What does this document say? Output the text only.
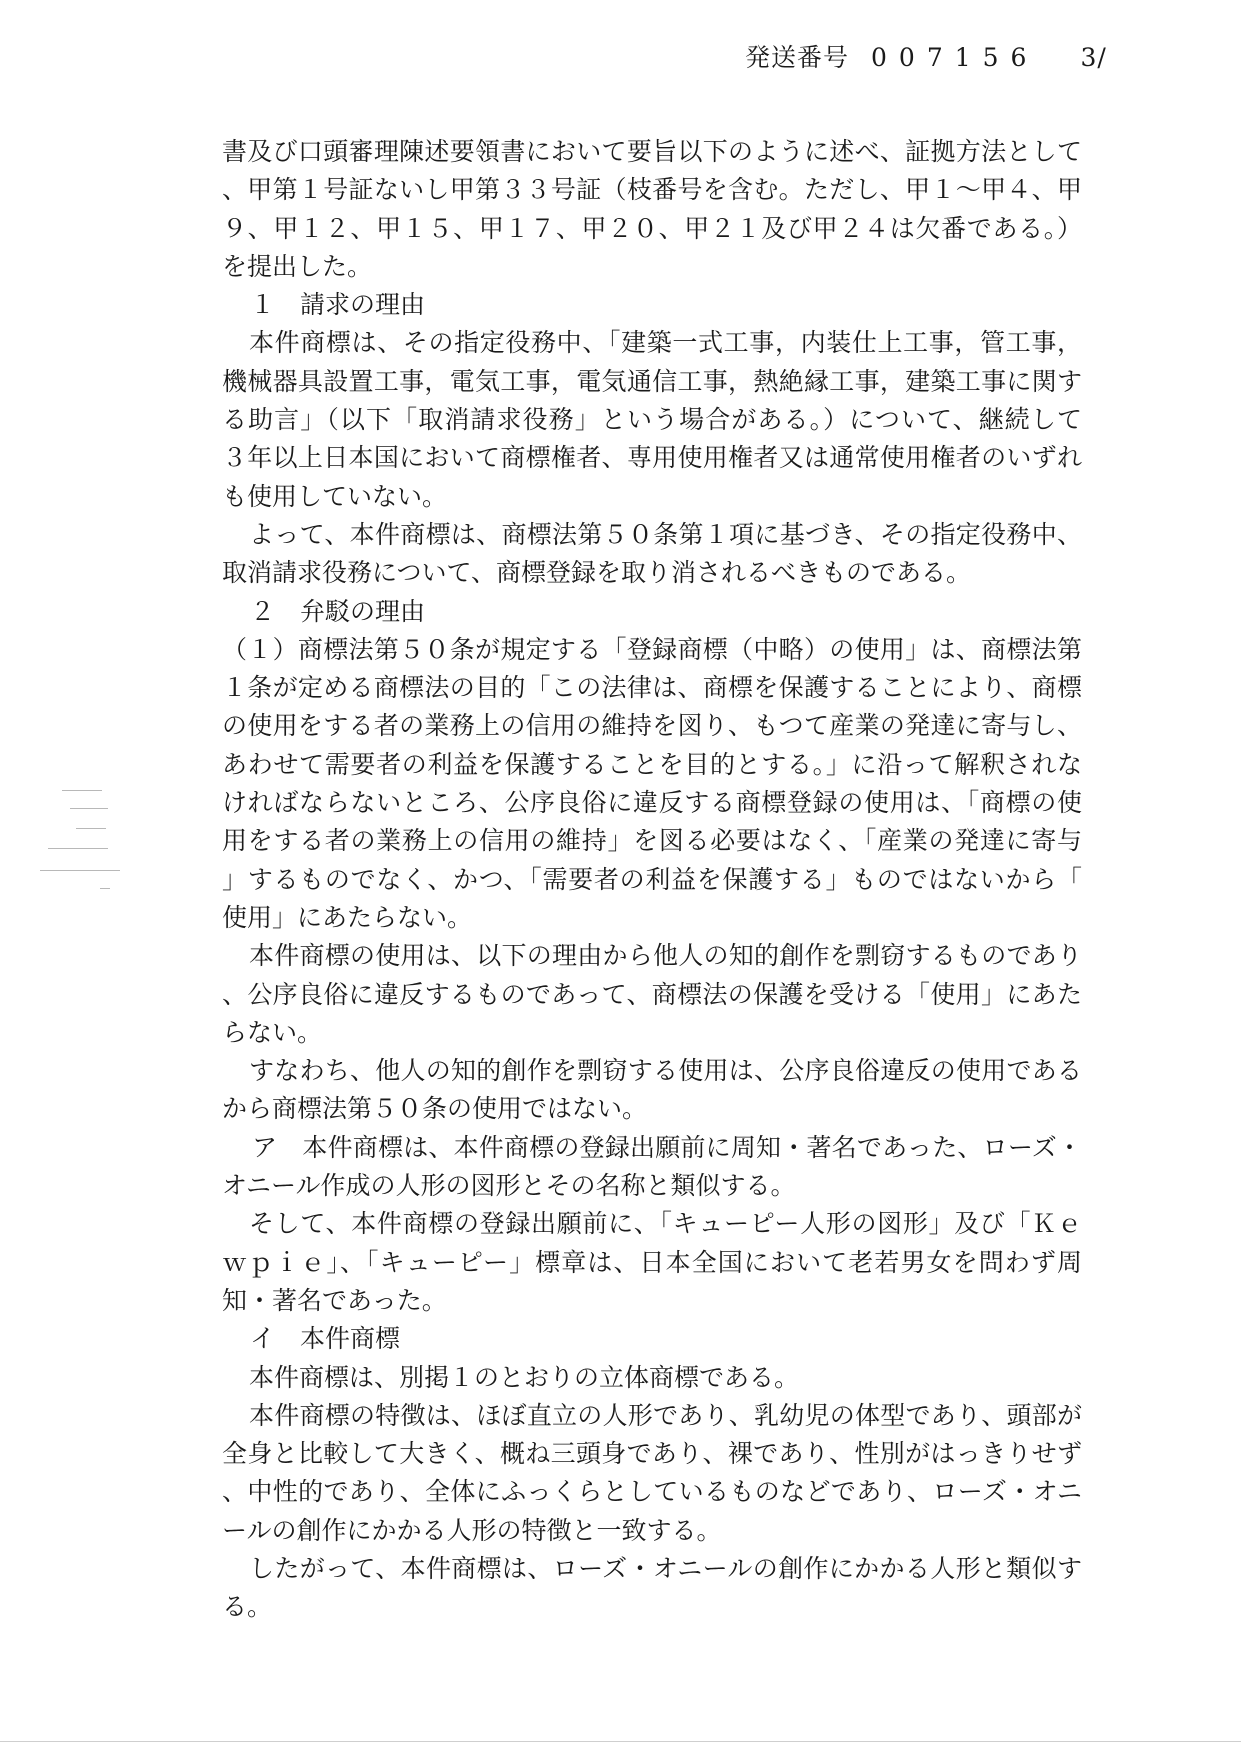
発送番号 007156 3/
書及び口頭審理陳述要領書において要旨以下のように述べ、証拠方法として
、甲第１号証ないし甲第３３号証（枝番号を含む。ただし、甲１～甲４、甲
９、甲１２、甲１５、甲１７、甲２０、甲２１及び甲２４は欠番である。）
を提出した。
１　請求の理由
本件商標は、その指定役務中、「建築一式工事，内装仕上工事，管工事，
機械器具設置工事，電気工事，電気通信工事，熱絶縁工事，建築工事に関す
る助言」（以下「取消請求役務」という場合がある。）について、継続して
３年以上日本国において商標権者、専用使用権者又は通常使用権者のいずれ
も使用していない。
よって、本件商標は、商標法第５０条第１項に基づき、その指定役務中、
取消請求役務について、商標登録を取り消されるべきものである。
２　弁駁の理由
（１）商標法第５０条が規定する「登録商標（中略）の使用」は、商標法第
１条が定める商標法の目的「この法律は、商標を保護することにより、商標
の使用をする者の業務上の信用の維持を図り、もつて産業の発達に寄与し、
あわせて需要者の利益を保護することを目的とする。」に沿って解釈されな
ければならないところ、公序良俗に違反する商標登録の使用は、「商標の使
用をする者の業務上の信用の維持」を図る必要はなく、「産業の発達に寄与
」するものでなく、かつ、「需要者の利益を保護する」ものではないから「
使用」にあたらない。
本件商標の使用は、以下の理由から他人の知的創作を剽窃するものであり
、公序良俗に違反するものであって、商標法の保護を受ける「使用」にあた
らない。
すなわち、他人の知的創作を剽窃する使用は、公序良俗違反の使用である
から商標法第５０条の使用ではない。
ア　本件商標は、本件商標の登録出願前に周知・著名であった、ローズ・
オニール作成の人形の図形とその名称と類似する。
そして、本件商標の登録出願前に、「キューピー人形の図形」及び「Ｋｅ
ｗｐｉｅ」、「キューピー」標章は、日本全国において老若男女を問わず周
知・著名であった。
イ　本件商標
本件商標は、別掲１のとおりの立体商標である。
本件商標の特徴は、ほぼ直立の人形であり、乳幼児の体型であり、頭部が
全身と比較して大きく、概ね三頭身であり、裸であり、性別がはっきりせず
、中性的であり、全体にふっくらとしているものなどであり、ローズ・オニ
ールの創作にかかる人形の特徴と一致する。
したがって、本件商標は、ローズ・オニールの創作にかかる人形と類似す
る。
